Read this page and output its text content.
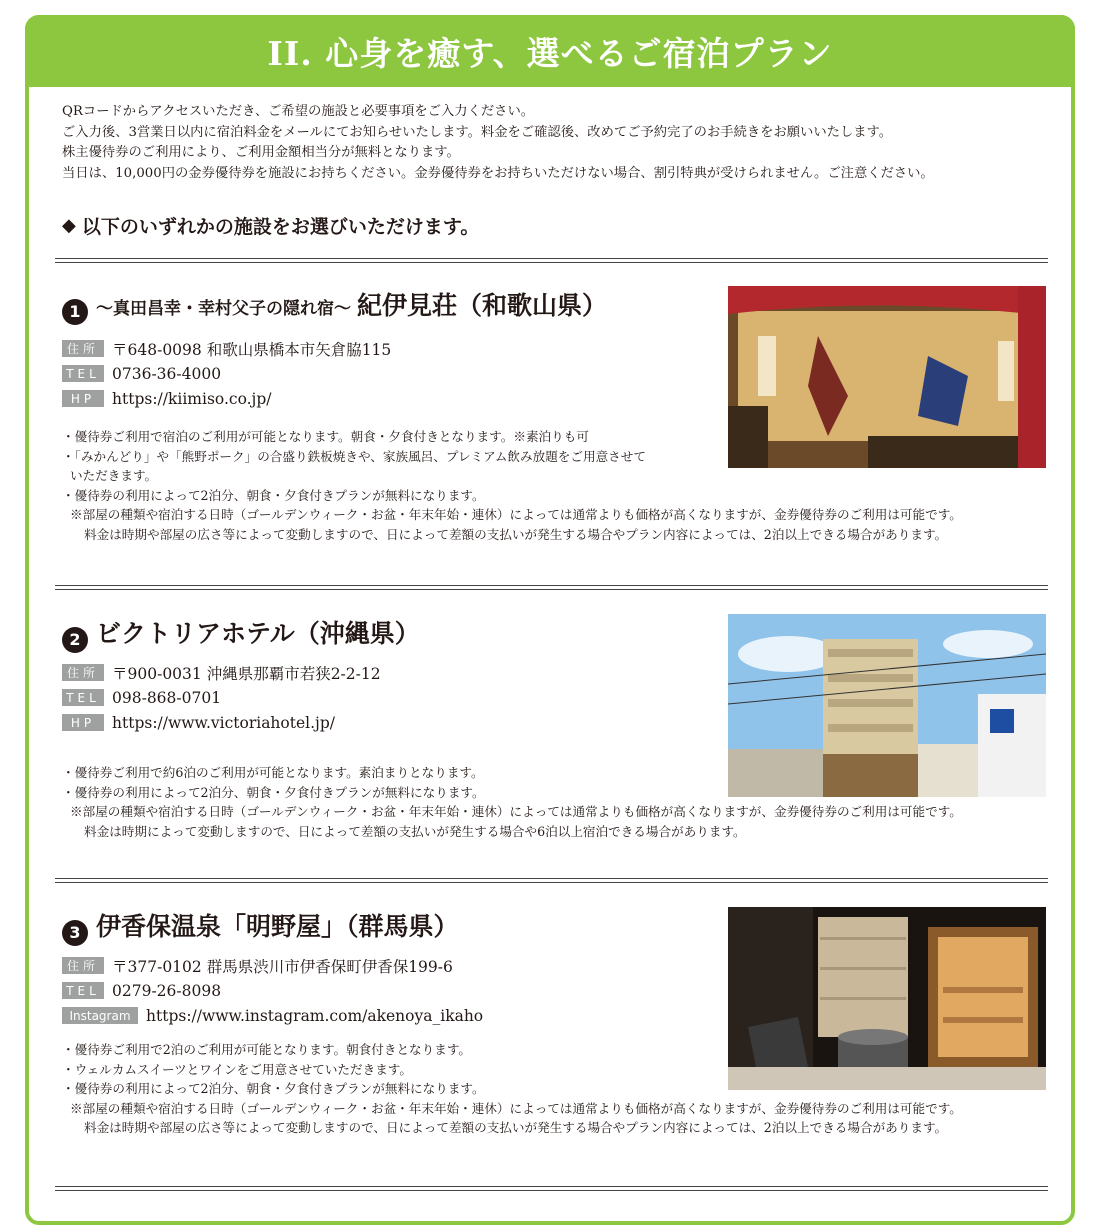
II. 心身を癒す、選べるご宿泊プラン
QRコードからアクセスいただき、ご希望の施設と必要事項をご入力ください。
ご入力後、3営業日以内に宿泊料金をメールにてお知らせいたします。料金をご確認後、改めてご予約完了のお手続きをお願いいたします。
株主優待券のご利用により、ご利用金額相当分が無料となります。
当日は、10,000円の金券優待券を施設にお持ちください。金券優待券をお持ちいただけない場合、割引特典が受けられません。ご注意ください。
◆ 以下のいずれかの施設をお選びいただけます。
1 ～真田昌幸・幸村父子の隠れ宿～ 紀伊見荘（和歌山県）
住所 〒648-0098 和歌山県橋本市矢倉脇115
TEL 0736-36-4000
HP	https://kiimiso.co.jp/
・優待券ご利用で宿泊のご利用が可能となります。朝食・夕食付きとなります。※素泊りも可
・「みかんどり」や「熊野ポーク」の合盛り鉄板焼きや、家族風呂、プレミアム飲み放題をご用意させて
いただきます。
・優待券の利用によって2泊分、朝食・夕食付きプランが無料になります。
※部屋の種類や宿泊する日時（ゴールデンウィーク・お盆・年末年始・連休）によっては通常よりも価格が高くなりますが、金券優待券のご利用は可能です。
料金は時期や部屋の広さ等によって変動しますので、日によって差額の支払いが発生する場合やプラン内容によっては、2泊以上できる場合があります。
2 ビクトリアホテル（沖縄県）
住所 〒900-0031 沖縄県那覇市若狭2-2-12
TEL 098-868-0701
HP	https://www.victoriahotel.jp/
・優待券ご利用で約6泊のご利用が可能となります。素泊まりとなります。
・優待券の利用によって2泊分、朝食・夕食付きプランが無料になります。
※部屋の種類や宿泊する日時（ゴールデンウィーク・お盆・年末年始・連休）によっては通常よりも価格が高くなりますが、金券優待券のご利用は可能です。
料金は時期によって変動しますので、日によって差額の支払いが発生する場合や6泊以上宿泊できる場合があります。
3 伊香保温泉「明野屋」（群馬県）
住所 〒377-0102 群馬県渋川市伊香保町伊香保199-6
TEL 0279-26-8098
Instagram https://www.instagram.com/akenoya_ikaho
・優待券ご利用で2泊のご利用が可能となります。朝食付きとなります。
・ウェルカムスイーツとワインをご用意させていただきます。
・優待券の利用によって2泊分、朝食・夕食付きプランが無料になります。
※部屋の種類や宿泊する日時（ゴールデンウィーク・お盆・年末年始・連休）によっては通常よりも価格が高くなりますが、金券優待券のご利用は可能です。
料金は時期や部屋の広さ等によって変動しますので、日によって差額の支払いが発生する場合やプラン内容によっては、2泊以上できる場合があります。
